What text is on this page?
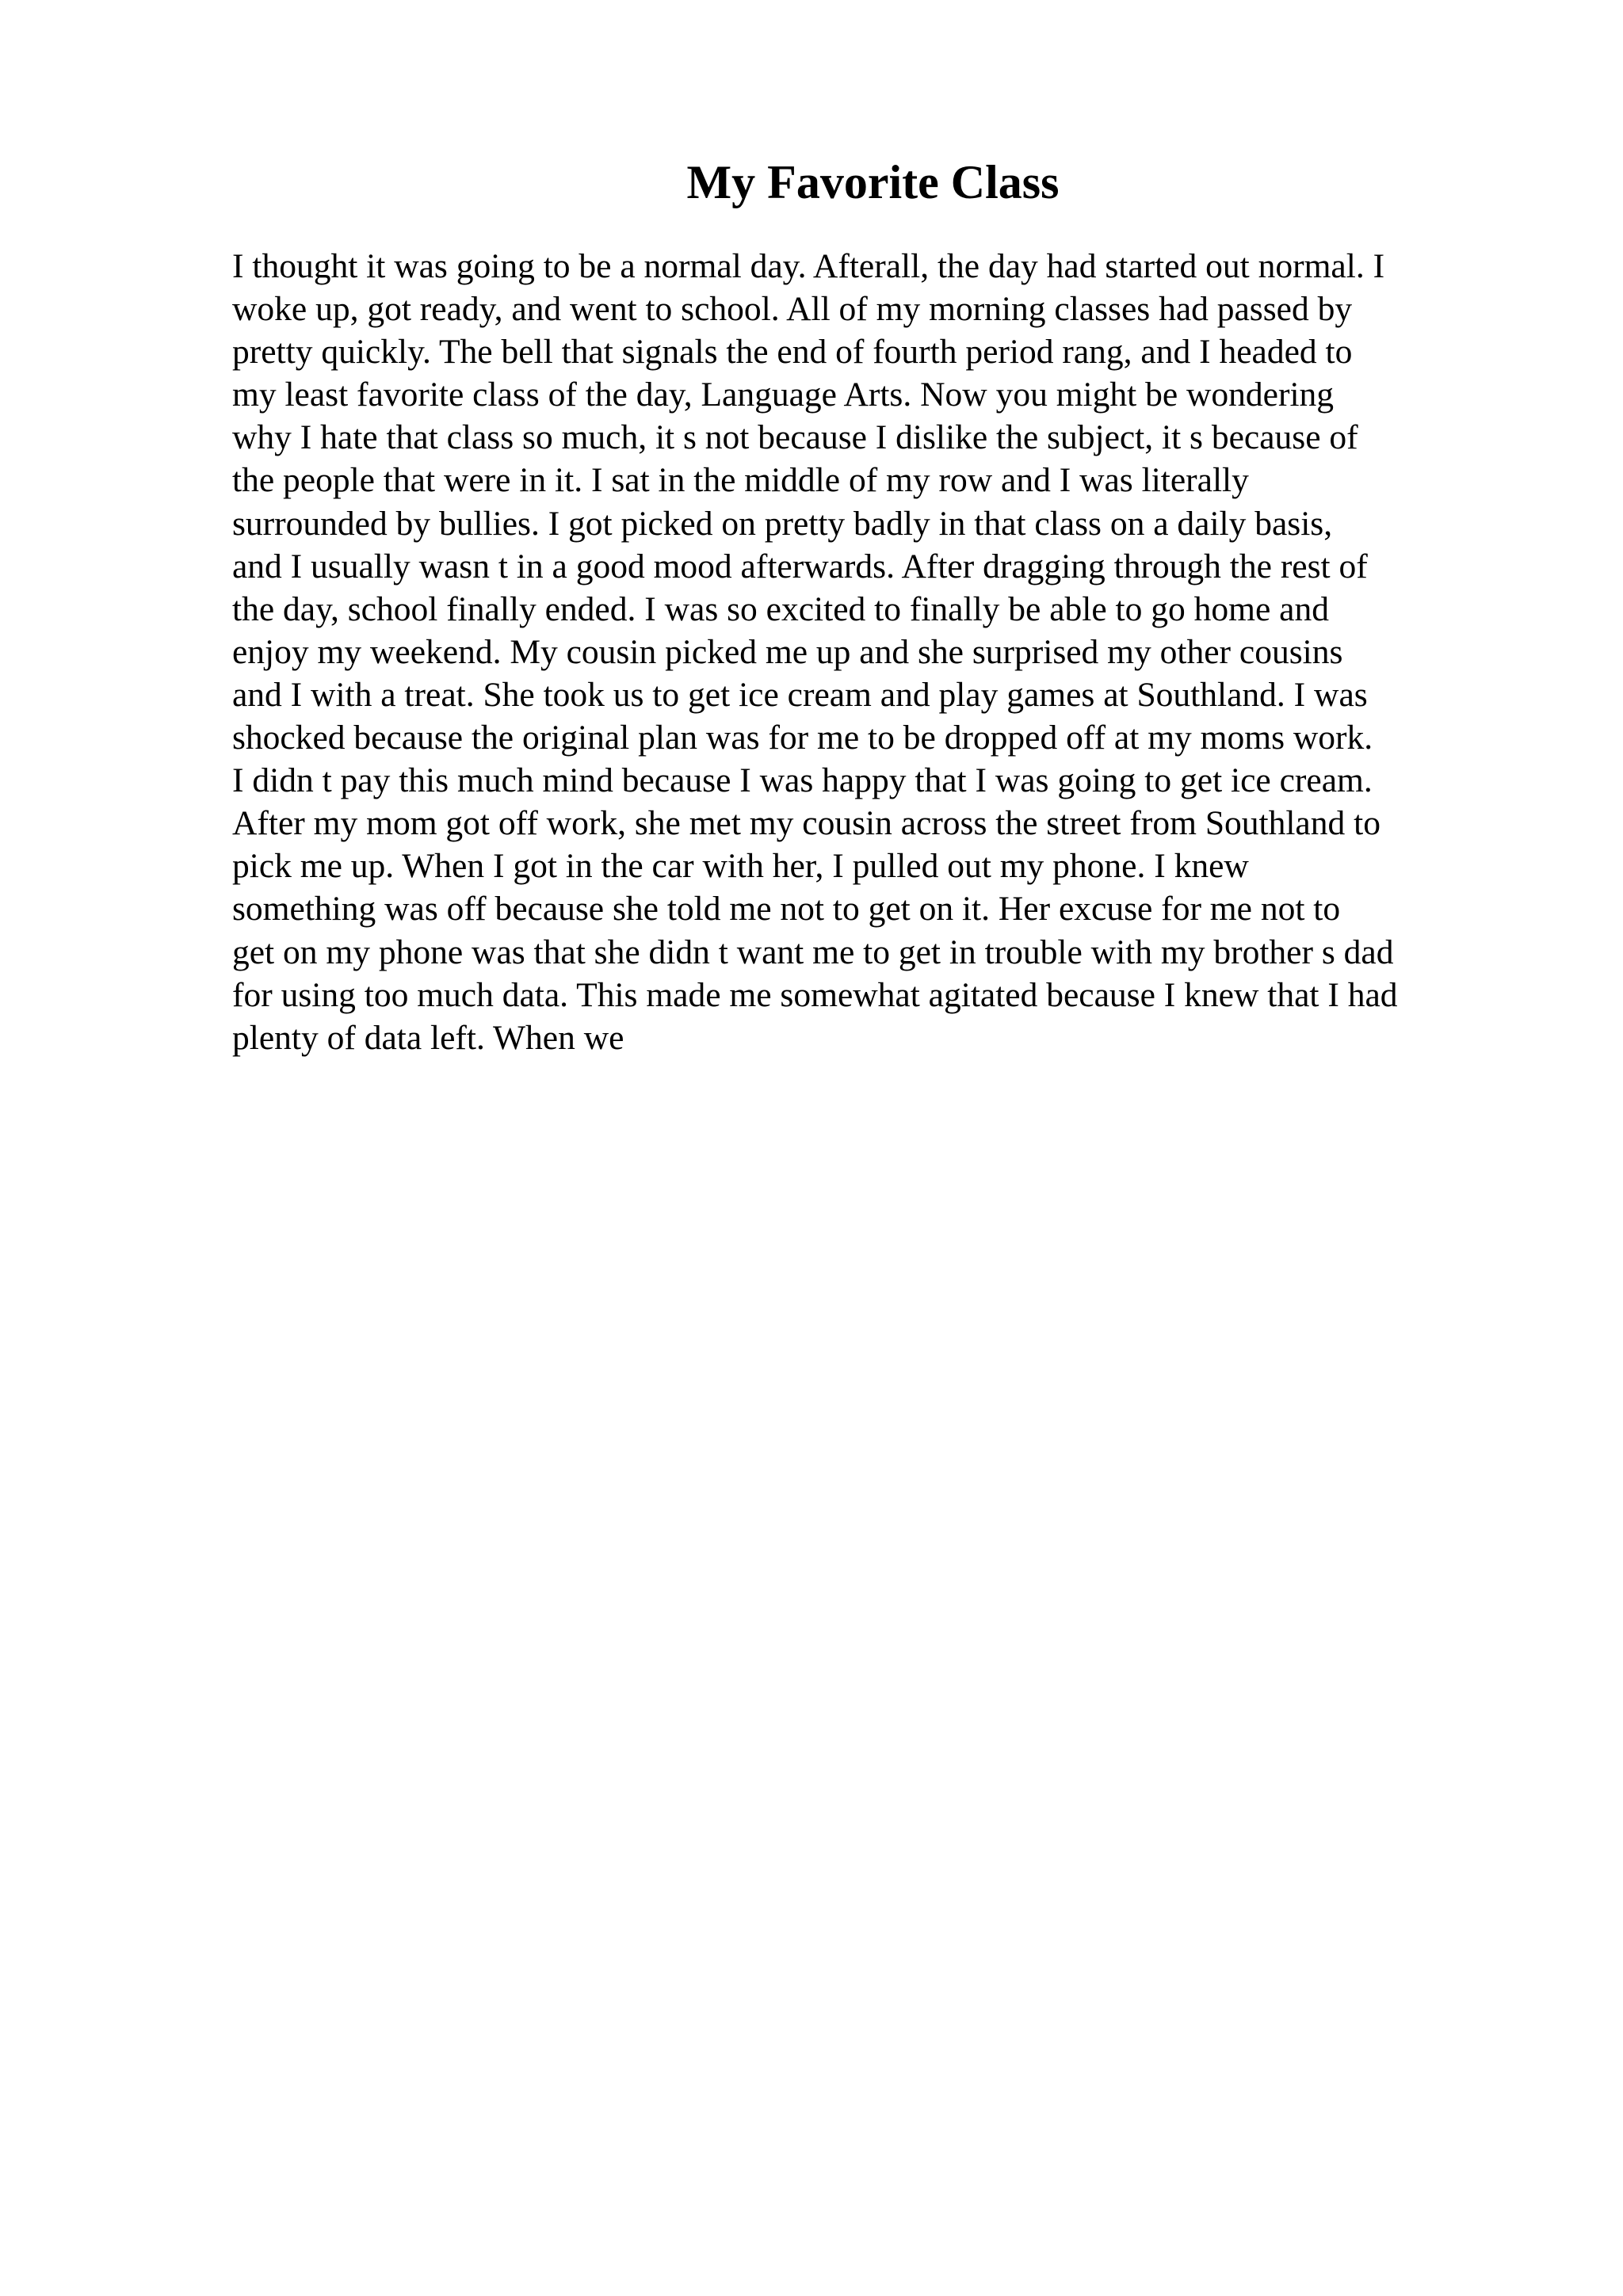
My Favorite Class
I thought it was going to be a normal day. Afterall, the day had started out normal. I
woke up, got ready, and went to school. All of my morning classes had passed by
pretty quickly. The bell that signals the end of fourth period rang, and I headed to
my least favorite class of the day, Language Arts. Now you might be wondering
why I hate that class so much, it s not because I dislike the subject, it s because of
the people that were in it. I sat in the middle of my row and I was literally
surrounded by bullies. I got picked on pretty badly in that class on a daily basis,
and I usually wasn t in a good mood afterwards. After dragging through the rest of
the day, school finally ended. I was so excited to finally be able to go home and
enjoy my weekend. My cousin picked me up and she surprised my other cousins
and I with a treat. She took us to get ice cream and play games at Southland. I was
shocked because the original plan was for me to be dropped off at my moms work.
I didn t pay this much mind because I was happy that I was going to get ice cream.
After my mom got off work, she met my cousin across the street from Southland to
pick me up. When I got in the car with her, I pulled out my phone. I knew
something was off because she told me not to get on it. Her excuse for me not to
get on my phone was that she didn t want me to get in trouble with my brother s dad
for using too much data. This made me somewhat agitated because I knew that I had
plenty of data left. When we
